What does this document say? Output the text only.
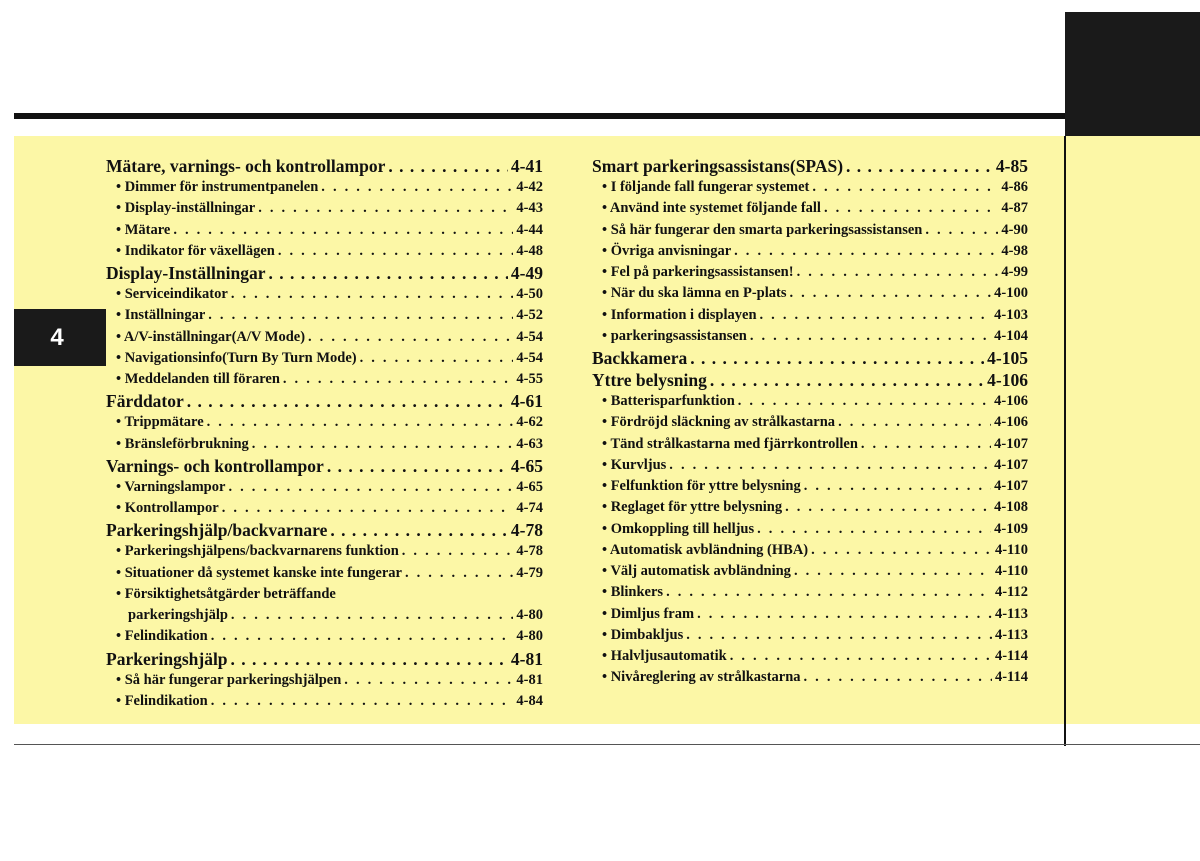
4
Mätare, varnings- och kontrollampor . . .	4-41
• Dimmer för instrumentpanelen . . .	4-42
• Display-inställningar . . .	4-43
• Mätare . . .	4-44
• Indikator för växellägen . . .	4-48
Display-Inställningar . . .	4-49
• Serviceindikator . . .	4-50
• Inställningar . . .	4-52
• A/V-inställningar(A/V Mode) . . .	4-54
• Navigationsinfo(Turn By Turn Mode) . . .	4-54
• Meddelanden till föraren . . .	4-55
Färddator . . .	4-61
• Trippmätare . . .	4-62
• Bränsleförbrukning . . .	4-63
Varnings- och kontrollampor . . .	4-65
• Varningslampor . . .	4-65
• Kontrollampor . . .	4-74
Parkeringshjälp/backvarnare . . .	4-78
• Parkeringshjälpens/backvarnarens funktion . . .	4-78
• Situationer då systemet kanske inte fungerar . . .	4-79
• Försiktighetsåtgärder beträffande
parkeringshjälp . . .	4-80
• Felindikation . . .	4-80
Parkeringshjälp . . .	4-81
• Så här fungerar parkeringshjälpen . . .	4-81
• Felindikation . . .	4-84
Smart parkeringsassistans(SPAS) . . .	4-85
• I följande fall fungerar systemet . . .	4-86
• Använd inte systemet följande fall . . .	4-87
• Så här fungerar den smarta parkeringsassistansen . . .	4-90
• Övriga anvisningar . . .	4-98
• Fel på parkeringsassistansen! . . .	4-99
• När du ska lämna en P-plats . . .	4-100
• Information i displayen . . .	4-103
• parkeringsassistansen . . .	4-104
Backkamera . . .	4-105
Yttre belysning . . .	4-106
• Batterisparfunktion . . .	4-106
• Fördröjd släckning av strålkastarna . . .	4-106
• Tänd strålkastarna med fjärrkontrollen . . .	4-107
• Kurvljus . . .	4-107
• Felfunktion för yttre belysning . . .	4-107
• Reglaget för yttre belysning . . .	4-108
• Omkoppling till helljus . . .	4-109
• Automatisk avbländning (HBA) . . .	4-110
• Välj automatisk avbländning . . .	4-110
• Blinkers . . .	4-112
• Dimljus fram . . .	4-113
• Dimbakljus . . .	4-113
• Halvljusautomatik . . .	4-114
• Nivåreglering av strålkastarna . . .	4-114
